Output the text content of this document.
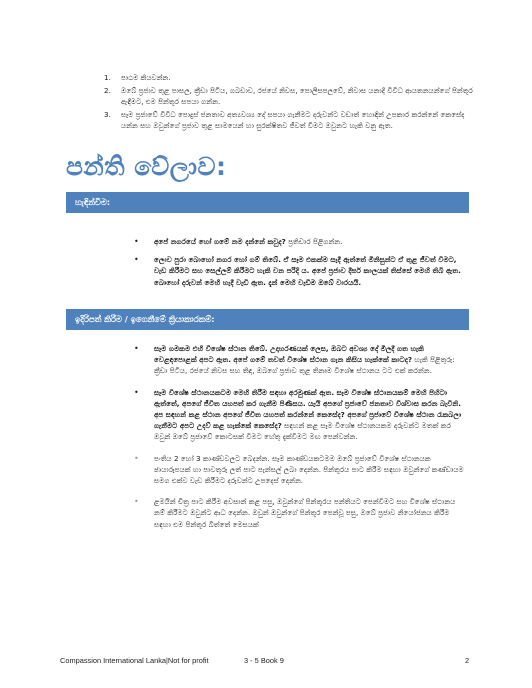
1. පාඨම කියවන්න.
2. ඔබේ ප්‍රජාව තුළ පාසල, ක්‍රීඩා පිටිය, ගබඩාව, රජයේ නිවස, පොලිසපලවේ, නිවාස යනාදී විවිධ ආයතනයන්ගේ පින්තූර ඇඳීමට, එම පින්තූර සපයා ගන්න.
3. සෑම ප්‍රජාවේ විවිධ පොදුස් ජනතාව අත්‍යවශ්‍ය දේ සපයා ගැනීමට දරුවන්ට වඩාත් හොඳින් උපකාර කරන්නේ කෙසේද යන්න සහ ඔවුන්ගේ ප්‍රජාව තුළ සාමයෙන් හා සුරක්ෂිතව ජීවත් වීමට ඔවුනට හැකි වනු ඇත.
පන්ති වේලාව:
හැඳින්වීම:
• අපේ නගරයේ හෝ ගමේ නම දන්නේ කවුද? ප්‍රතිචාර පිළිගන්න.
• ලොව පුරා බොහෝ නගර හෝ ගම් තිබේ. ඒ සෑම එකක්ම සැදී ඇත්තේ මිනිසුන්ට ඒ තුළ ජීවත් වීමට, වැඩ කිරීමට සහ සෙල්ලම් කිරීමට හැකි වන පරිදි ය. අපේ ප්‍රජාව දීර්ඝ කාලයක් තිස්සේ මෙහි තිබී ඇත. බොහෝ දරුවන් මෙහි හැදී වැඩී ඇත. දැන් මෙහි වැඩීම ඔබේ වාරයයි.
ඉදිරිපත් කිරීම / ඉගෙනීමේ ක්‍රියාකාරකම්:
• සෑම ගමකම එහි විශේෂ ස්ථාන තිබේ. උදාහරණයක් ලෙස, ඔබට අවශ්‍ය දේ මිලදී ගත හැකි වෙළඳපොළක් අපට ඇත. අපේ ගමේ තවත් විශේෂ ස්ථාන ගැන කිසිය හැක්කේ කාටද? හැකි පිළිතුරු: ක්‍රීඩා පිටිය, රජයේ නිවස සහ තිඳ, ඔබගේ ප්‍රජාව තුළ තිනෘම විශේෂ ස්ථානය ටට එක් කරන්න.
• සෑම විශේෂ ස්ථානයකටම මෙහි තිරීම සඳහා අරමුණක් ඇත. සෑම විශේෂ ස්ථානයකම් මෙහි පිහිටා ඇත්තේ, අපගේ ජීවිත යහපත් කර ගැනීම පිණිසය. යැයි අපගේ ප්‍රජාවේ ජනතාව විශ්වාස කරන බැවිනි. අප සඳහන් කළ ස්ථාන අපගේ ජීවිත යහපත් කරන්නේ කෙසේද? අපගේ ප්‍රජාවේ විශේෂ ස්ථාන රැකබලා ගැනීමට අපට උදව් කළ හැක්කේ කෙසේද? සඳහන් කළ සෑම විශේෂ ස්ථානයකම දරුවන්ට මතක් කර ඔවුන් ඔබේ ප්‍රජාවේ කොටසක් වීමට හේතු දැක්වීමට මඟ පෙන්වන්න.
• පංතිය 2 හෝ 3 කාණ්ඩවලට බෙදන්න. සෑම කාණ්ඩයකටමම ඔබේ ප්‍රජාවේ විශේෂ ස්ථානයක ඡායාරූපයක් හා පාවතුරු ලත් පාට පැන්සල් ලබා දෙන්න. පින්තූරය පාට කිරීම සඳහා ඔවුන්ගේ කණ්ඩායම සමග එක්ව වැඩ කිරීමට දරුවන්ට උපදෙස් දෙන්න.
• ළමයින් චිත්‍ර පාට කිරීම අවසාන් කළ පසු, ඔවුන්ගේ පින්තූරය පන්තියට පෙන්වීමට සහ විශේෂ ස්ථානය නම් කිරීමට ඔවුන්ට ආධ දෙන්න. ඔවුන් ඔවුන්ගේ පින්තූර පෙන්වූ පසු, ඔබේ ප්‍රජාව නියෝජනය කිරීම සඳහා එම පින්තූර බිත්තේ මෙසයක්
Compassion International Lanka|Not for profit	3 - 5 Book 9	2
